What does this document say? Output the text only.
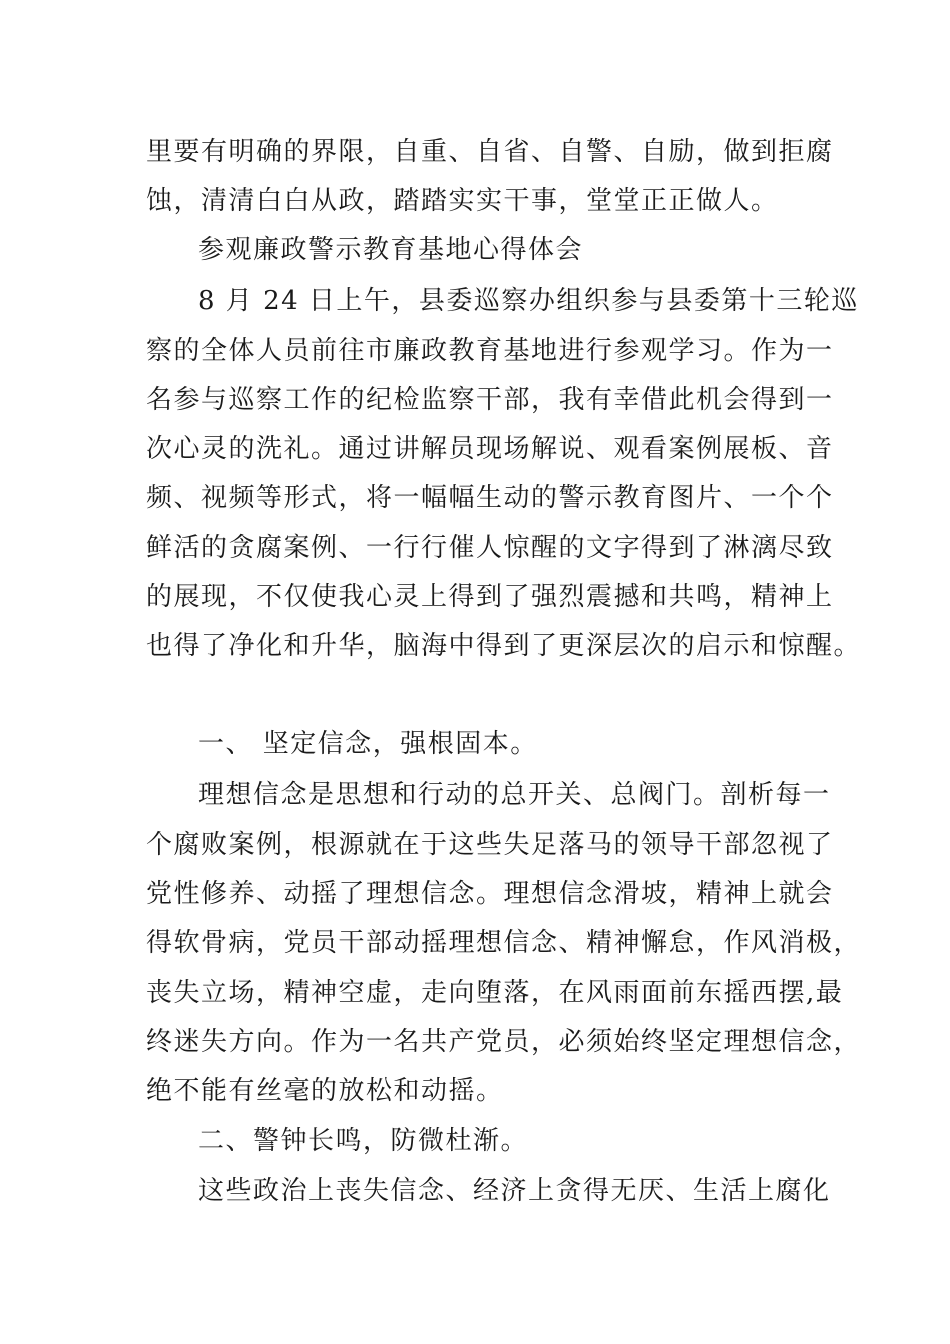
里要有明确的界限，自重、自省、自警、自励，做到拒腐
蚀，清清白白从政，踏踏实实干事，堂堂正正做人。
参观廉政警示教育基地心得体会
8 月 24 日上午，县委巡察办组织参与县委第十三轮巡
察的全体人员前往市廉政教育基地进行参观学习。作为一
名参与巡察工作的纪检监察干部，我有幸借此机会得到一
次心灵的洗礼。通过讲解员现场解说、观看案例展板、音
频、视频等形式，将一幅幅生动的警示教育图片、一个个
鲜活的贪腐案例、一行行催人惊醒的文字得到了淋漓尽致
的展现，不仅使我心灵上得到了强烈震撼和共鸣，精神上
也得了净化和升华，脑海中得到了更深层次的启示和惊醒。
一、 坚定信念，强根固本。
理想信念是思想和行动的总开关、总阀门。剖析每一
个腐败案例，根源就在于这些失足落马的领导干部忽视了
党性修养、动摇了理想信念。理想信念滑坡，精神上就会
得软骨病，党员干部动摇理想信念、精神懈怠，作风消极，
丧失立场，精神空虚，走向堕落，在风雨面前东摇西摆,最
终迷失方向。作为一名共产党员，必须始终坚定理想信念，
绝不能有丝毫的放松和动摇。
二、警钟长鸣，防微杜渐。
这些政治上丧失信念、经济上贪得无厌、生活上腐化
